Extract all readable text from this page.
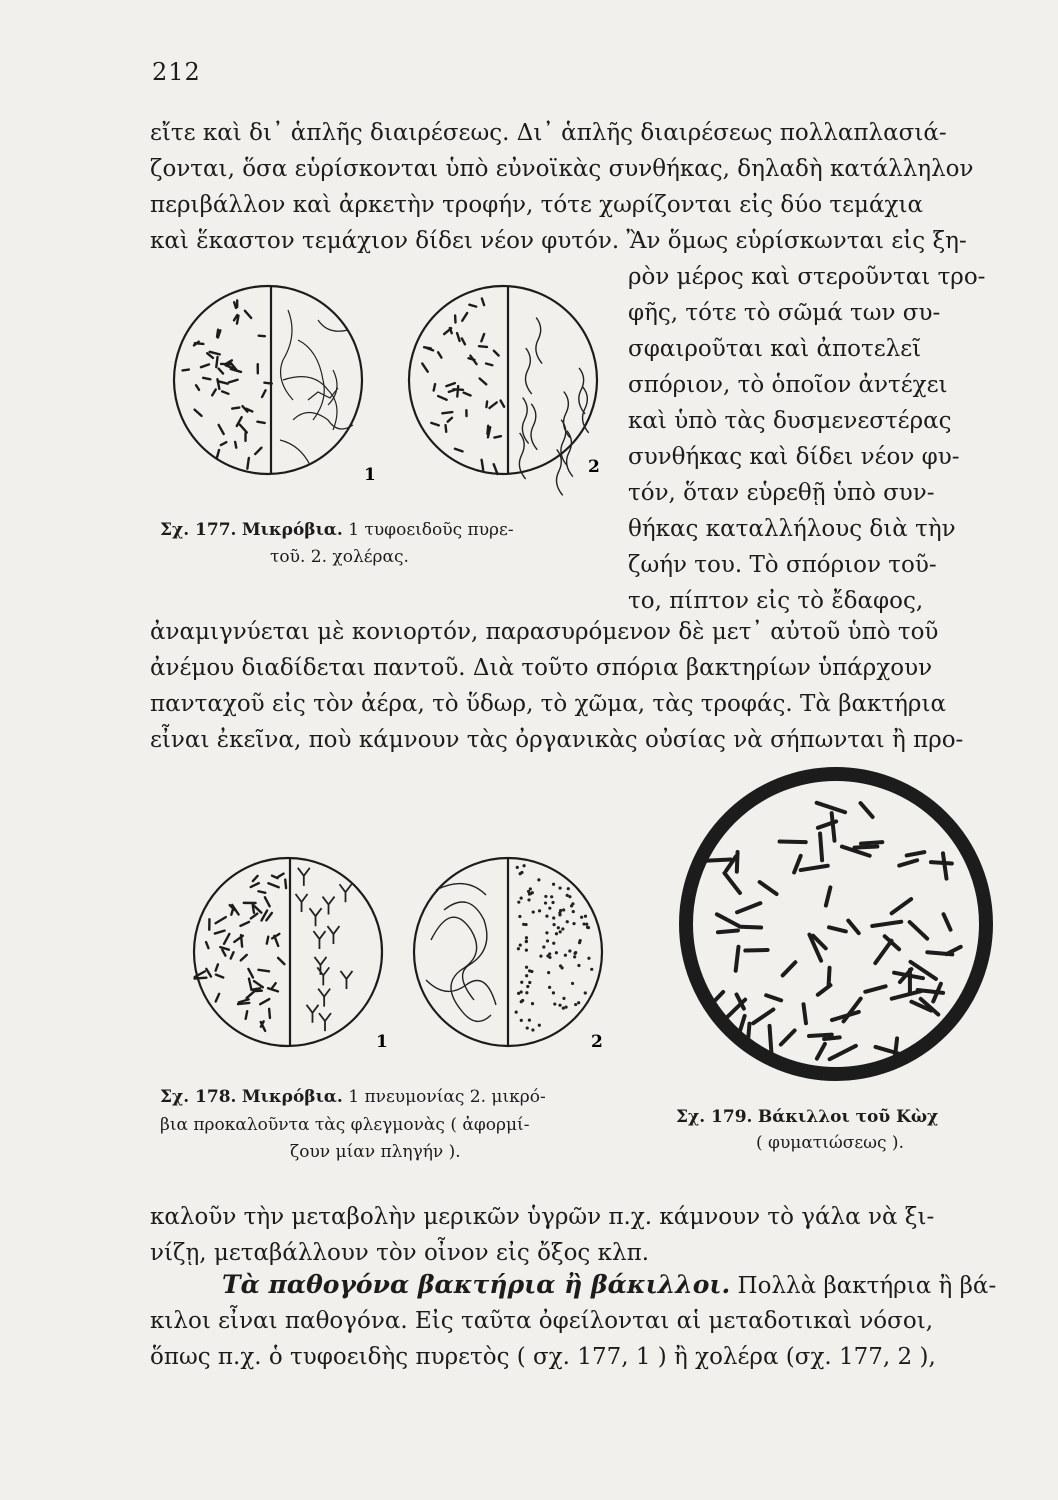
212
εἴτε καὶ δι᾽ ἁπλῆς διαιρέσεως. Δι᾽ ἁπλῆς διαιρέσεως πολλαπλασιά-
ζονται, ὅσα εὑρίσκονται ὑπὸ εὐνοϊκὰς συνθήκας, δηλαδὴ κατάλληλον
περιβάλλον καὶ ἀρκετὴν τροφήν, τότε χωρίζονται εἰς δύο τεμάχια
καὶ ἕκαστον τεμάχιον δίδει νέον φυτόν. Ἂν ὅμως εὑρίσκωνται εἰς ξη-
ρὸν μέρος καὶ στεροῦνται τρο-
φῆς, τότε τὸ σῶμά των συ-
σφαιροῦται καὶ ἀποτελεῖ
σπόριον, τὸ ὁποῖον ἀντέχει
καὶ ὑπὸ τὰς δυσμενεστέρας
συνθήκας καὶ δίδει νέον φυ-
τόν, ὅταν εὑρεθῇ ὑπὸ συν-
θήκας καταλλήλους διὰ τὴν
ζωήν του. Τὸ σπόριον τοῦ-
το, πίπτον εἰς τὸ ἔδαφος,
1	2
Σχ. 177. Μικρόβια. 1 τυφοειδοῦς πυρε-
τοῦ. 2. χολέρας.
ἀναμιγνύεται μὲ κονιορτόν, παρασυρόμενον δὲ μετ᾽ αὐτοῦ ὑπὸ τοῦ
ἀνέμου διαδίδεται παντοῦ. Διὰ τοῦτο σπόρια βακτηρίων ὑπάρχουν
πανταχοῦ εἰς τὸν ἀέρα, τὸ ὕδωρ, τὸ χῶμα, τὰς τροφάς. Τὰ βακτήρια
εἶναι ἐκεῖνα, ποὺ κάμνουν τὰς ὀργανικὰς οὐσίας νὰ σήπωνται ἢ προ-
1	2
Σχ. 178. Μικρόβια. 1 πνευμονίας 2. μικρό-
βια προκαλοῦντα τὰς φλεγμονὰς ( ἀφορμί-
ζουν μίαν πληγήν ).
Σχ. 179. Βάκιλλοι τοῦ Κὼχ
( φυματιώσεως ).
καλοῦν τὴν μεταβολὴν μερικῶν ὑγρῶν π.χ. κάμνουν τὸ γάλα νὰ ξι-
νίζῃ, μεταβάλλουν τὸν οἶνον εἰς ὄξος κλπ.
Τὰ παθογόνα βακτήρια ἢ βάκιλλοι. Πολλὰ βακτήρια ἢ βά-
κιλοι εἶναι παθογόνα. Εἰς ταῦτα ὀφείλονται αἱ μεταδοτικαὶ νόσοι,
ὅπως π.χ. ὁ τυφοειδὴς πυρετὸς ( σχ. 177, 1 ) ἢ χολέρα (σχ. 177, 2 ),
